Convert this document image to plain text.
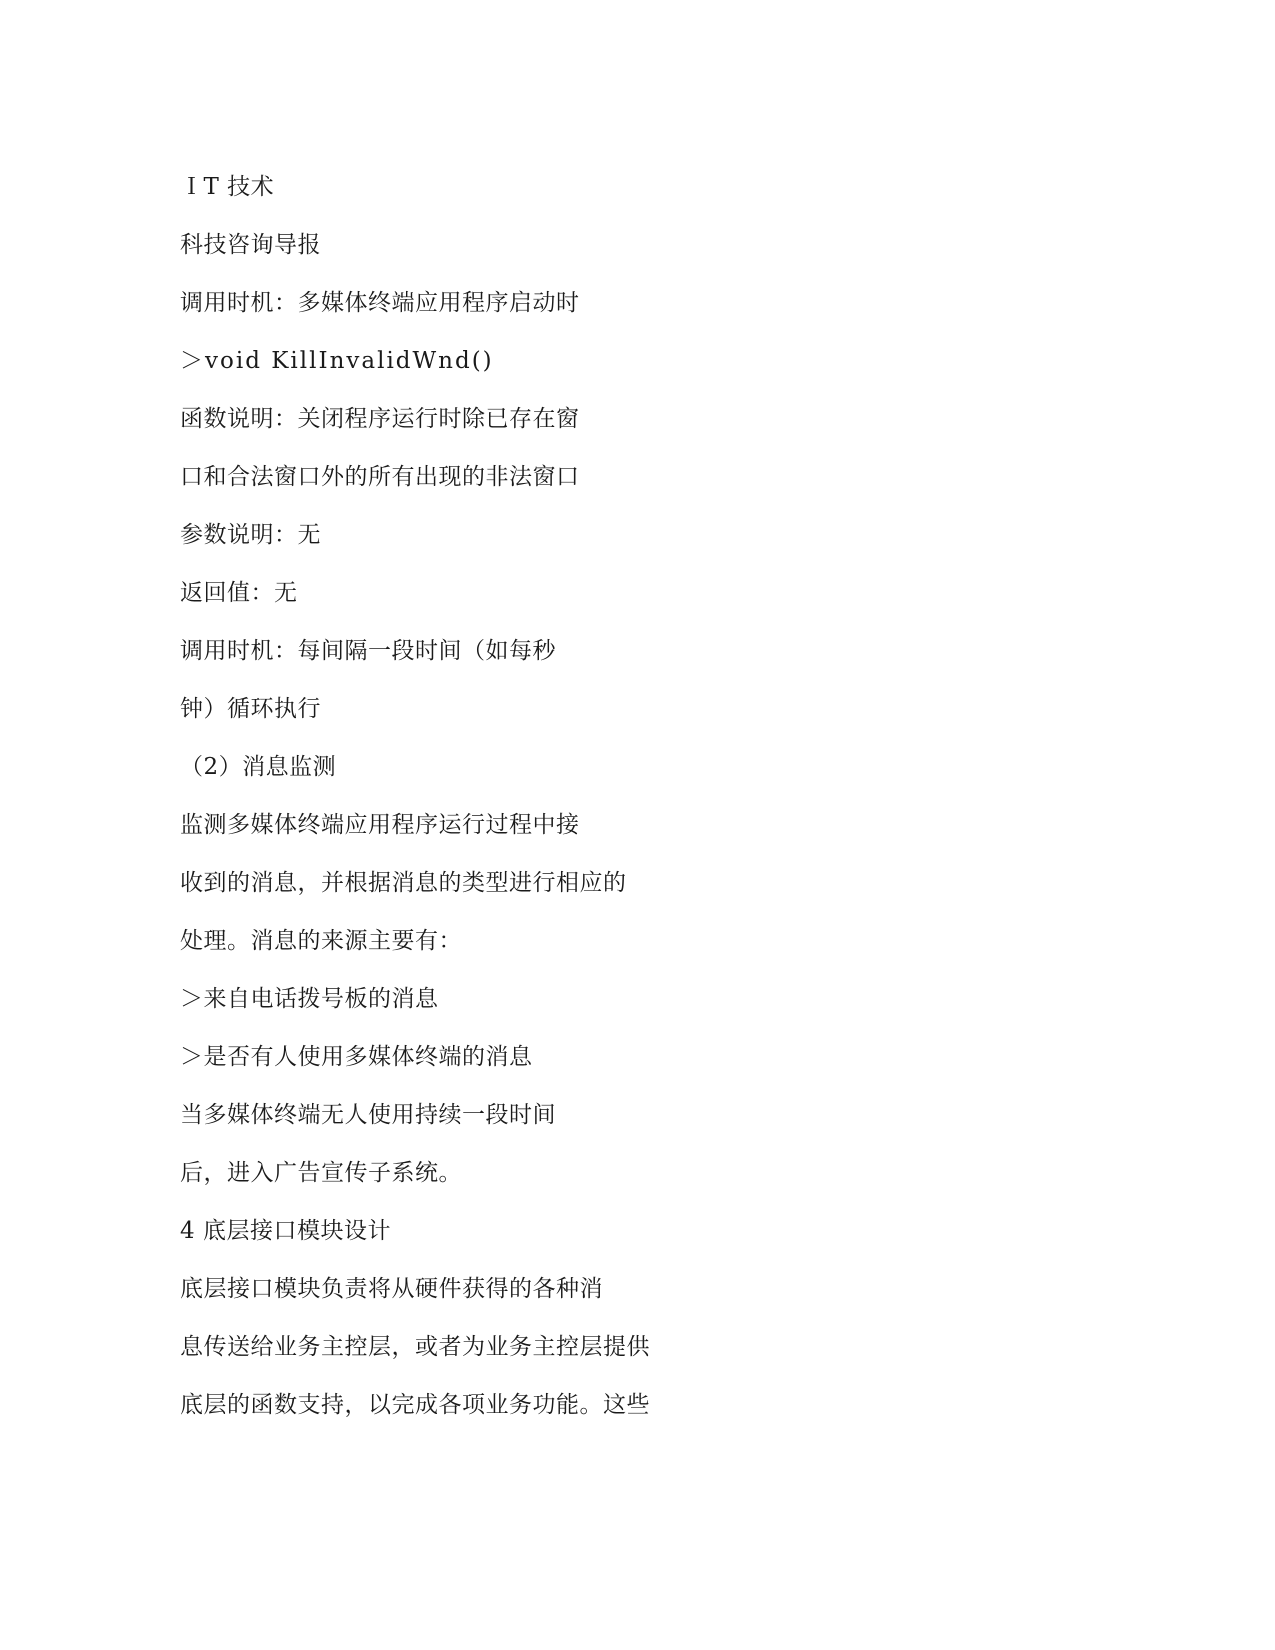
ＩT 技术
科技咨询导报
调用时机：多媒体终端应用程序启动时
＞void KillInvalidWnd()
函数说明：关闭程序运行时除已存在窗
口和合法窗口外的所有出现的非法窗口
参数说明：无
返回值：无
调用时机：每间隔一段时间（如每秒
钟）循环执行
（2）消息监测
监测多媒体终端应用程序运行过程中接
收到的消息，并根据消息的类型进行相应的
处理。消息的来源主要有：
＞来自电话拨号板的消息
＞是否有人使用多媒体终端的消息
当多媒体终端无人使用持续一段时间
后，进入广告宣传子系统。
4 底层接口模块设计
底层接口模块负责将从硬件获得的各种消
息传送给业务主控层，或者为业务主控层提供
底层的函数支持，以完成各项业务功能。这些
